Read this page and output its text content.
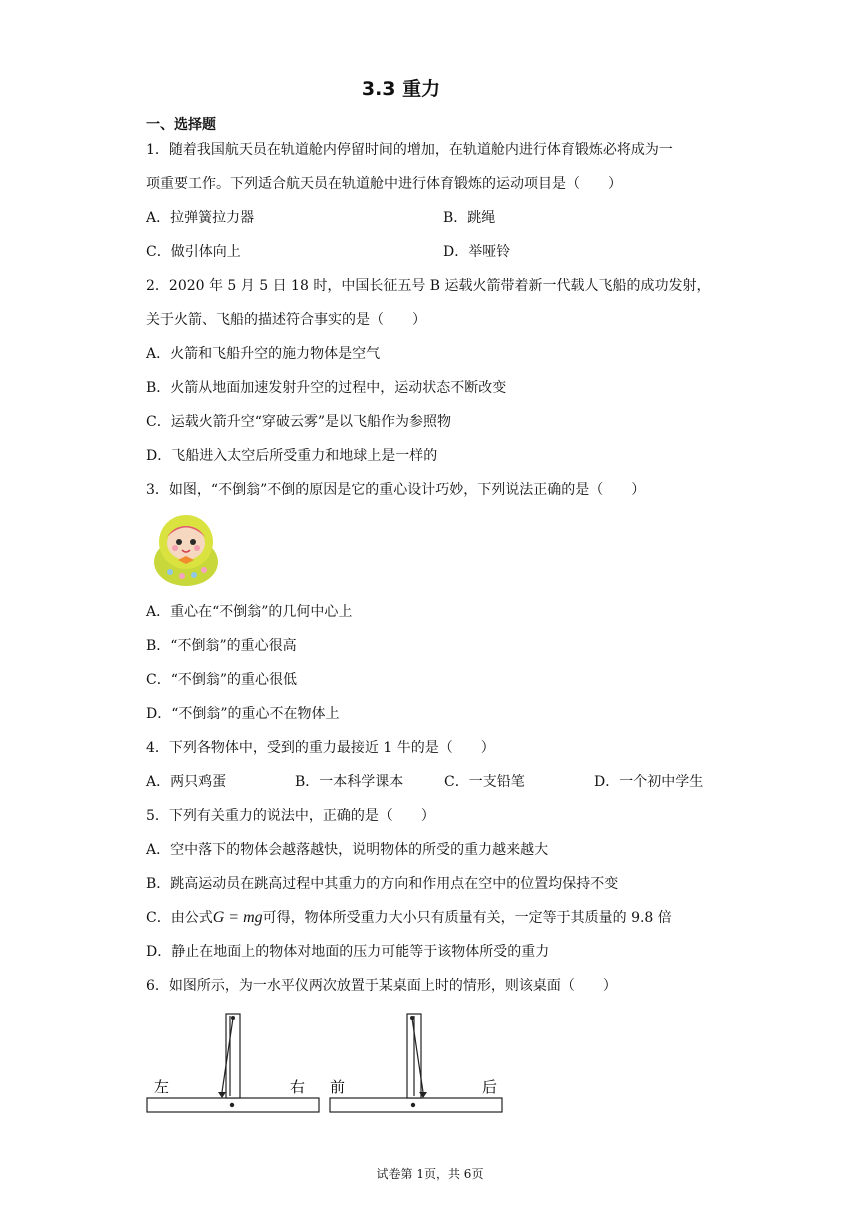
3.3 重力
一、选择题
1．随着我国航天员在轨道舱内停留时间的增加，在轨道舱内进行体育锻炼必将成为一
项重要工作。下列适合航天员在轨道舱中进行体育锻炼的运动项目是（　　）
A．拉弹簧拉力器	B．跳绳
C．做引体向上	D．举哑铃
2．2020 年 5 月 5 日 18 时，中国长征五号 B 运载火箭带着新一代载人飞船的成功发射，
关于火箭、飞船的描述符合事实的是（　　）
A．火箭和飞船升空的施力物体是空气
B．火箭从地面加速发射升空的过程中，运动状态不断改变
C．运载火箭升空“穿破云雾”是以飞船作为参照物
D．飞船进入太空后所受重力和地球上是一样的
3．如图，“不倒翁”不倒的原因是它的重心设计巧妙，下列说法正确的是（　　）
A．重心在“不倒翁”的几何中心上
B．“不倒翁”的重心很高
C．“不倒翁”的重心很低
D．“不倒翁”的重心不在物体上
4．下列各物体中，受到的重力最接近 1 牛的是（　　）
A．两只鸡蛋	B．一本科学课本	C．一支铅笔	D．一个初中学生
5．下列有关重力的说法中，正确的是（　　）
A．空中落下的物体会越落越快，说明物体的所受的重力越来越大
B．跳高运动员在跳高过程中其重力的方向和作用点在空中的位置均保持不变
C．由公式G = mg可得，物体所受重力大小只有质量有关，一定等于其质量的 9.8 倍
D．静止在地面上的物体对地面的压力可能等于该物体所受的重力
6．如图所示，为一水平仪两次放置于某桌面上时的情形，则该桌面（　　）
左	右 前	后
试卷第 1页，共 6页
